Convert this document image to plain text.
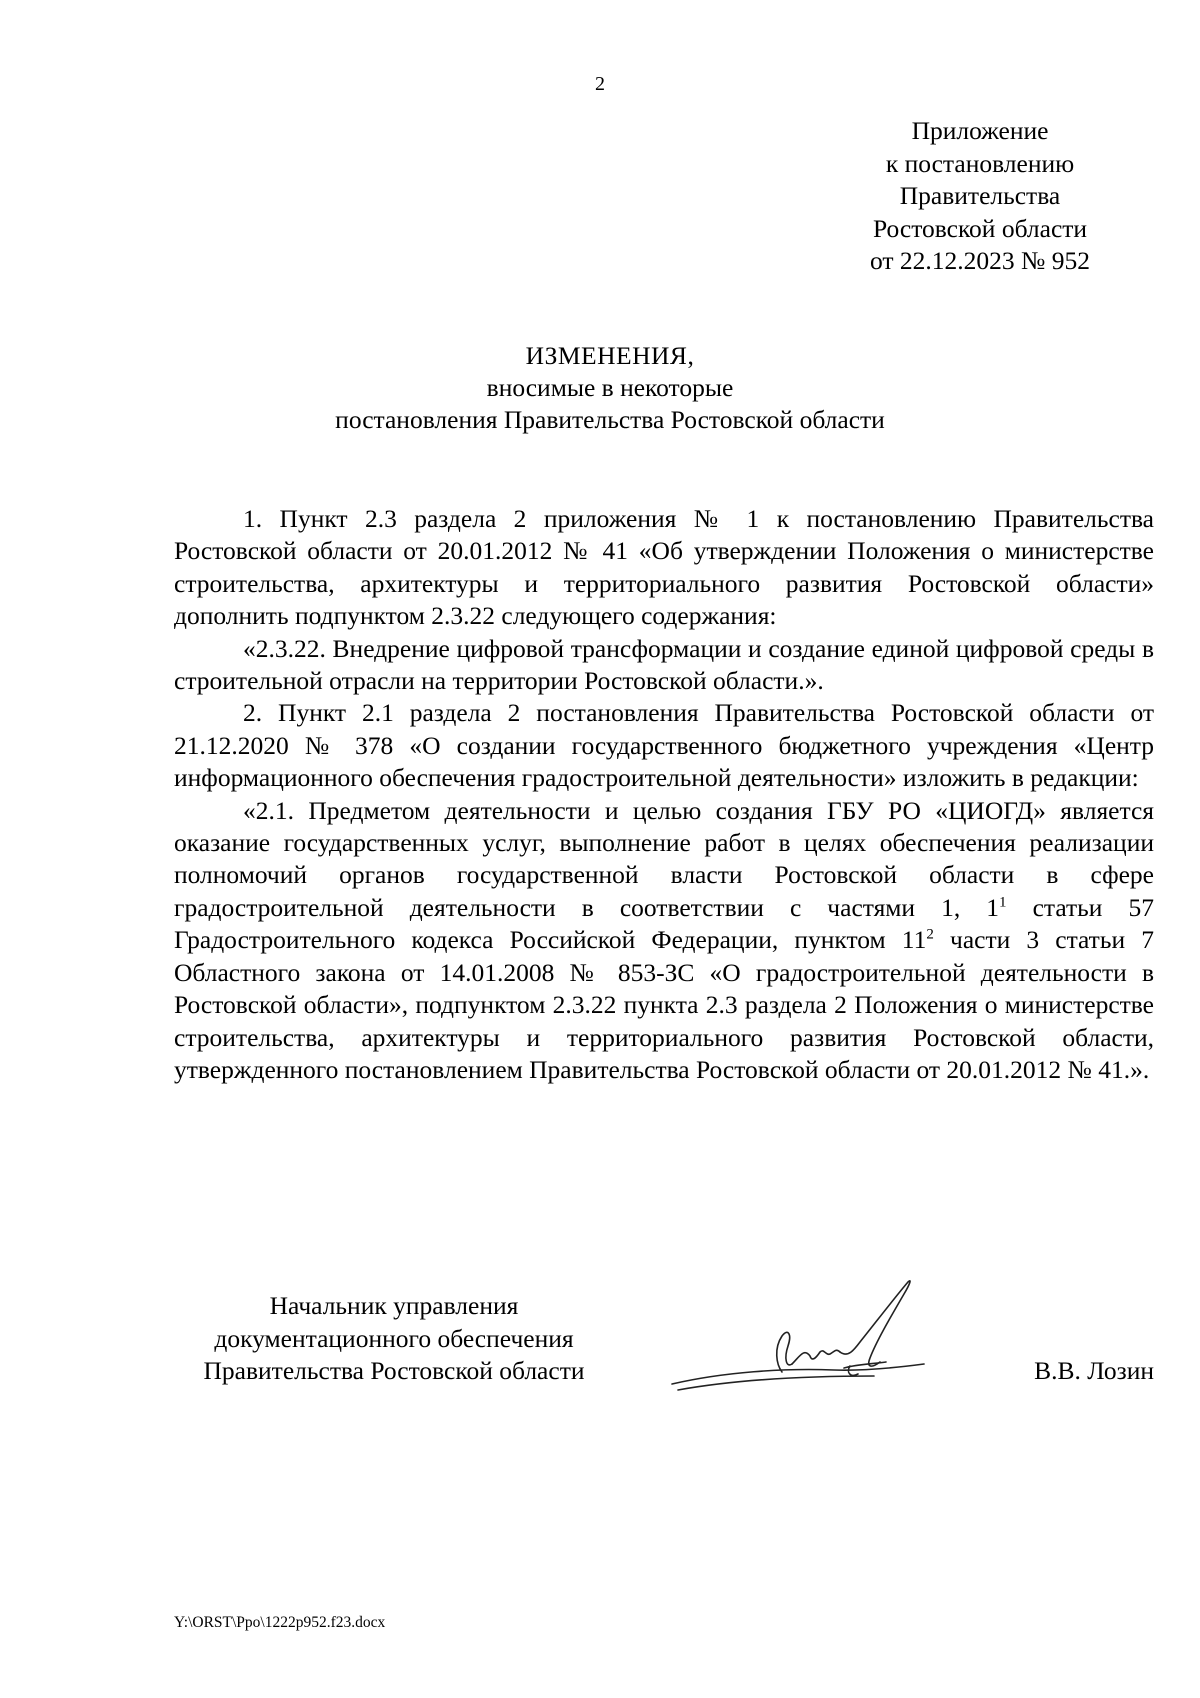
2
Приложение
к постановлению
Правительства
Ростовской области
от 22.12.2023 № 952
ИЗМЕНЕНИЯ,
вносимые в некоторые
постановления Правительства Ростовской области

1. Пункт 2.3 раздела 2 приложения № 1 к постановлению Правительства Ростовской области от 20.01.2012 № 41 «Об утверждении Положения о министерстве строительства, архитектуры и территориального развития Ростовской области» дополнить подпунктом 2.3.22 следующего содержания:

«2.3.22. Внедрение цифровой трансформации и создание единой цифровой среды в строительной отрасли на территории Ростовской области.».

2. Пункт 2.1 раздела 2 постановления Правительства Ростовской области от 21.12.2020 № 378 «О создании государственного бюджетного учреждения «Центр информационного обеспечения градостроительной деятельности» изложить в редакции:

«2.1. Предметом деятельности и целью создания ГБУ РО «ЦИОГД» является оказание государственных услуг, выполнение работ в целях обеспечения реализации полномочий органов государственной власти Ростовской области в сфере градостроительной деятельности в соответствии с частями 1, $1^1$ статьи 57 Градостроительного кодекса Российской Федерации, пунктом $11^2$ части 3 статьи 7 Областного закона от 14.01.2008 № 853-ЗС «О градостроительной деятельности в Ростовской области», подпунктом 2.3.22 пункта 2.3 раздела 2 Положения о министерстве строительства, архитектуры и территориального развития Ростовской области, утвержденного постановлением Правительства Ростовской области от 20.01.2012 № 41.».

Начальник управления
документационного обеспечения
Правительства Ростовской области	В.В. Лозин
Y:\ORST\Ppo\1222p952.f23.docx
